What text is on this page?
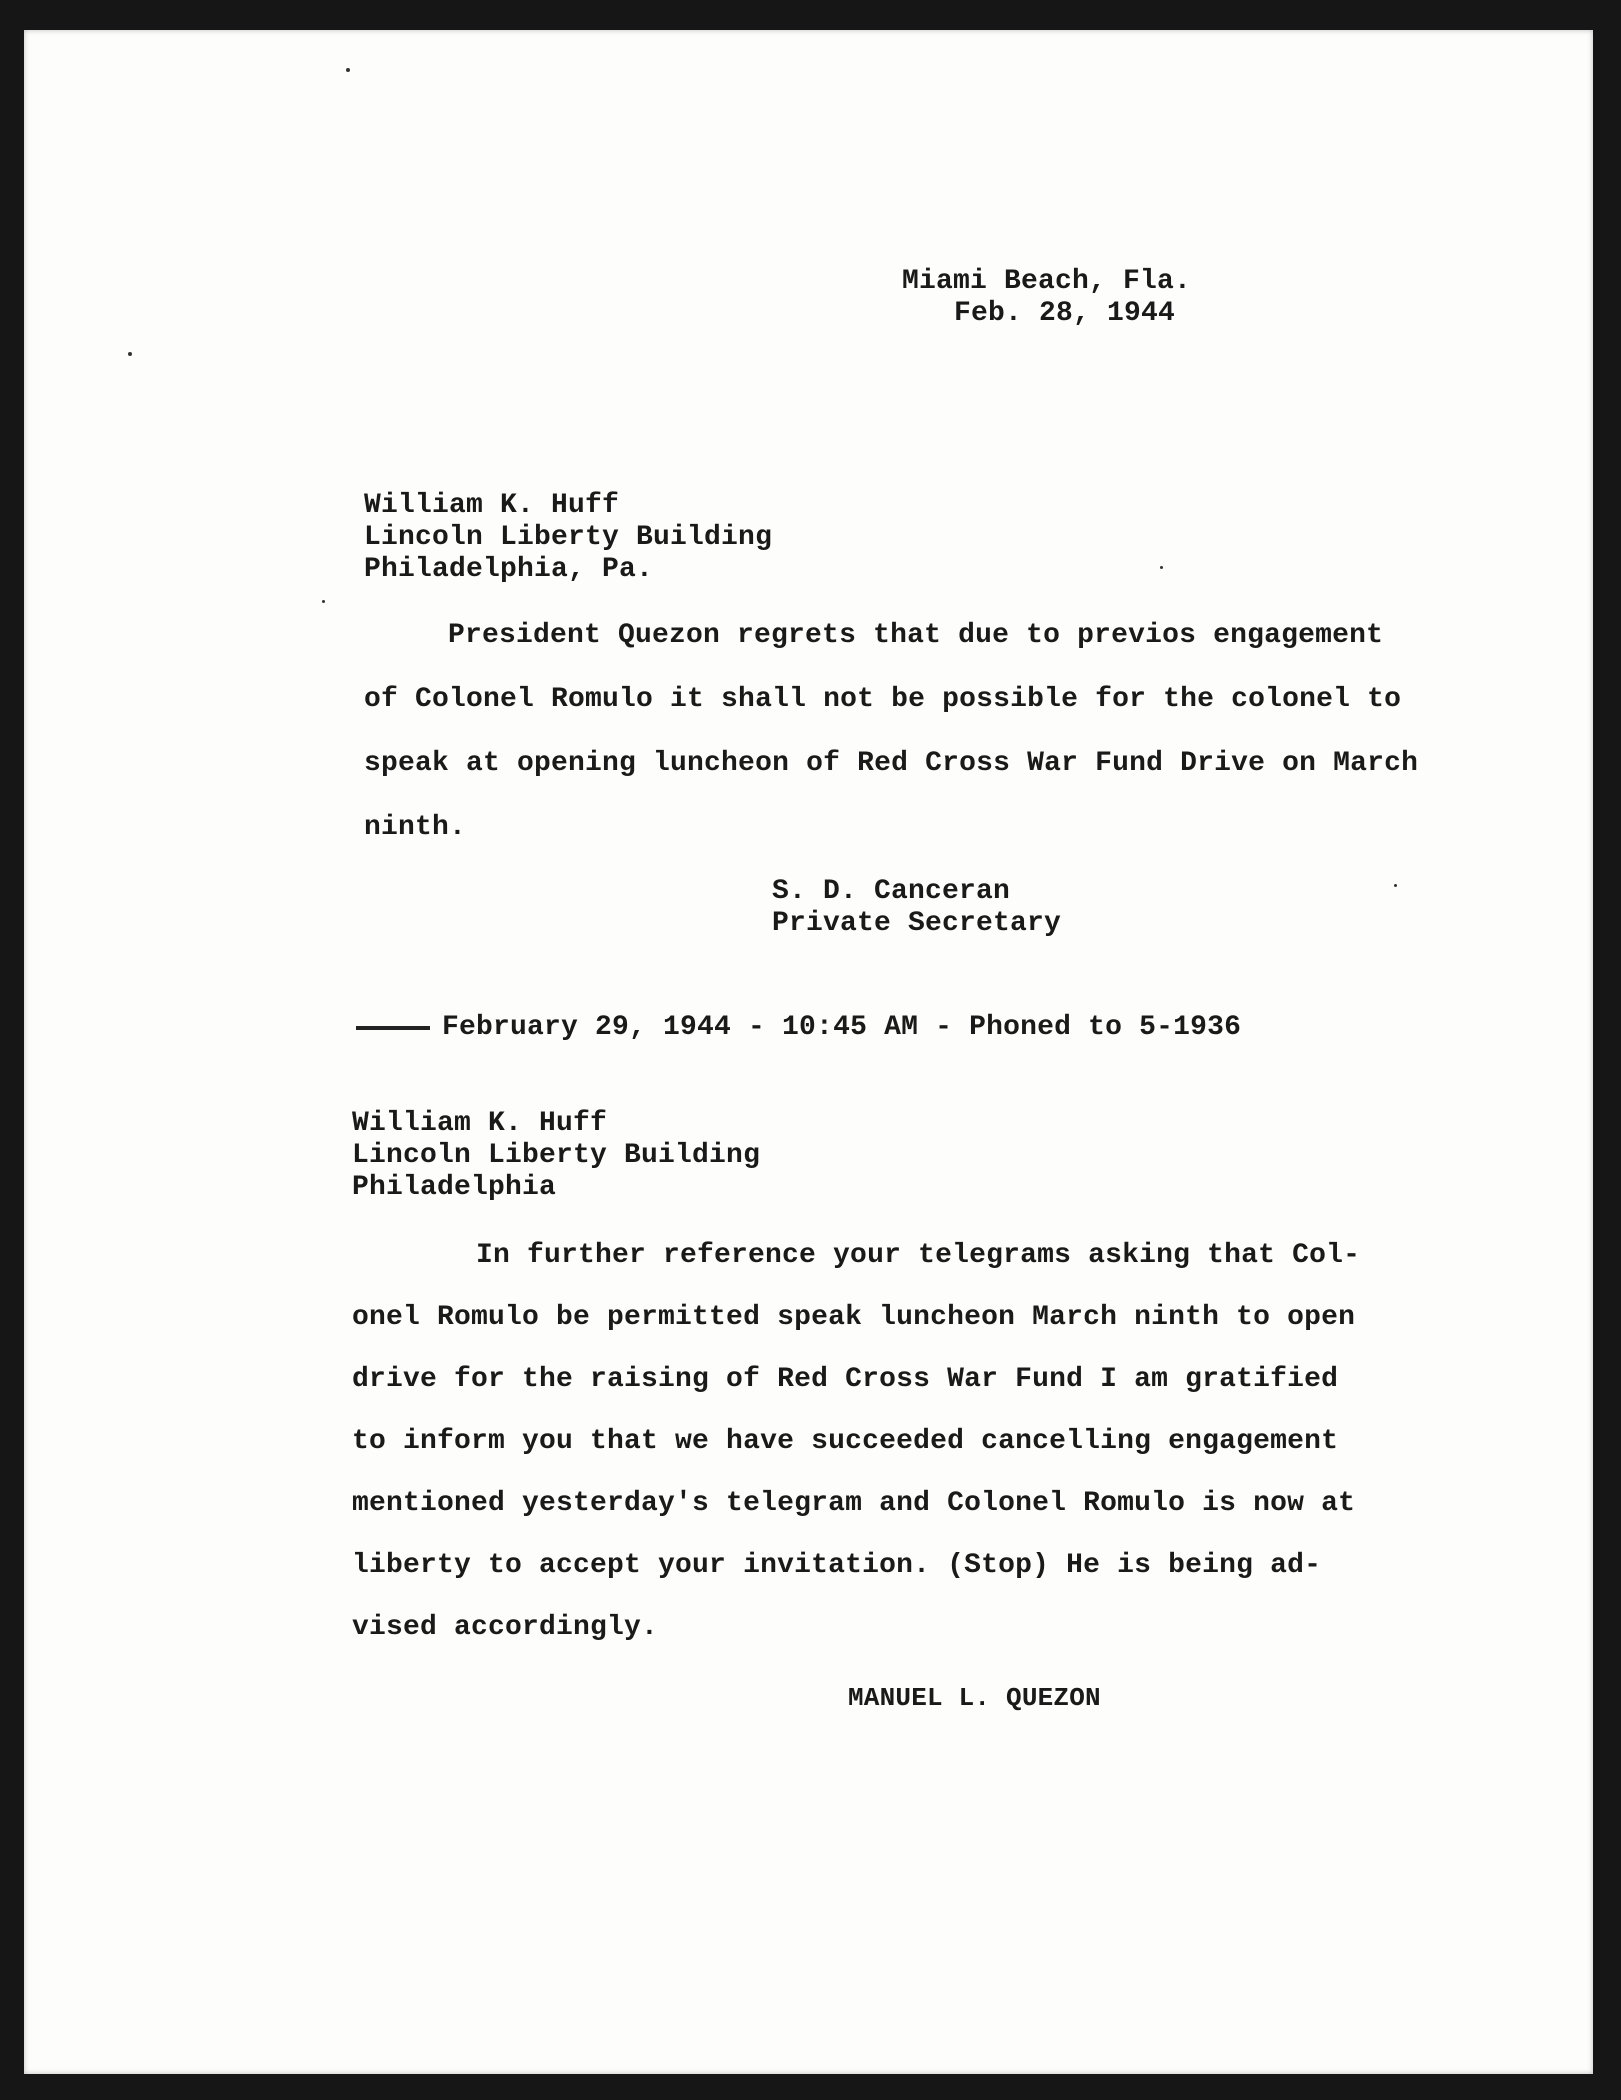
Miami Beach, Fla.
Feb. 28, 1944
William K. Huff
Lincoln Liberty Building
Philadelphia, Pa.
President Quezon regrets that due to previos engagement
of Colonel Romulo it shall not be possible for the colonel to
speak at opening luncheon of Red Cross War Fund Drive on March
ninth.
S. D. Canceran
Private Secretary
February 29, 1944 - 10:45 AM - Phoned to 5-1936
William K. Huff
Lincoln Liberty Building
Philadelphia
In further reference your telegrams asking that Col-
onel Romulo be permitted speak luncheon March ninth to open
drive for the raising of Red Cross War Fund I am gratified
to inform you that we have succeeded cancelling engagement
mentioned yesterday's telegram and Colonel Romulo is now at
liberty to accept your invitation. (Stop) He is being ad-
vised accordingly.
MANUEL L. QUEZON
